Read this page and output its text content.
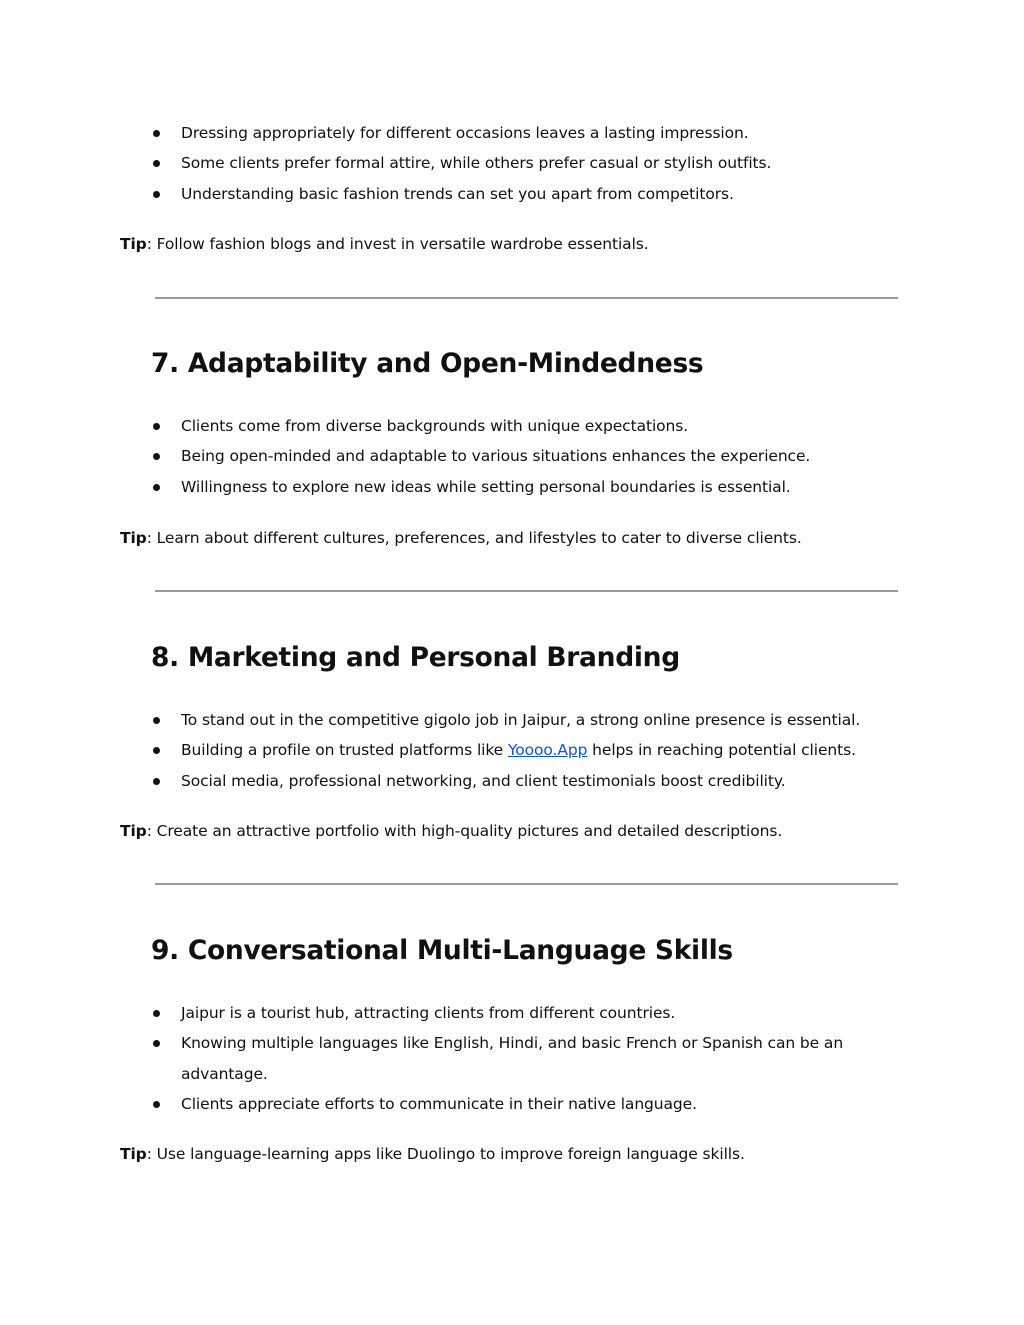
Dressing appropriately for different occasions leaves a lasting impression.
Some clients prefer formal attire, while others prefer casual or stylish outfits.
Understanding basic fashion trends can set you apart from competitors.

Tip: Follow fashion blogs and invest in versatile wardrobe essentials.

7. Adaptability and Open-Mindedness
Clients come from diverse backgrounds with unique expectations.
Being open-minded and adaptable to various situations enhances the experience.
Willingness to explore new ideas while setting personal boundaries is essential.

Tip: Learn about different cultures, preferences, and lifestyles to cater to diverse clients.

8. Marketing and Personal Branding
To stand out in the competitive gigolo job in Jaipur, a strong online presence is essential.
Building a profile on trusted platforms like Yoooo.App helps in reaching potential clients.
Social media, professional networking, and client testimonials boost credibility.

Tip: Create an attractive portfolio with high-quality pictures and detailed descriptions.

9. Conversational Multi-Language Skills
Jaipur is a tourist hub, attracting clients from different countries.
Knowing multiple languages like English, Hindi, and basic French or Spanish can be an advantage.
Clients appreciate efforts to communicate in their native language.

Tip: Use language-learning apps like Duolingo to improve foreign language skills.
